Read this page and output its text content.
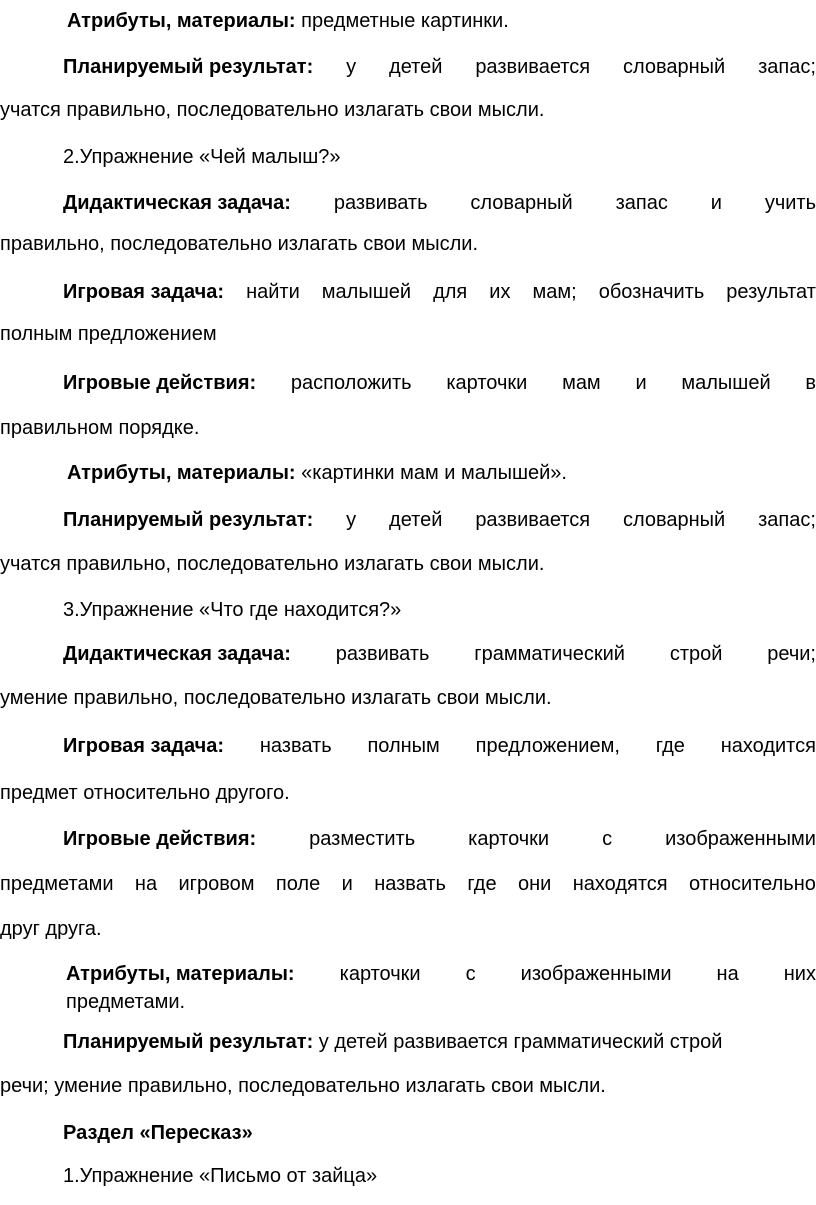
Атрибуты, материалы: предметные картинки.
Планируемый результат: у детей развивается словарный запас;
учатся правильно, последовательно излагать свои мысли.
2.Упражнение «Чей малыш?»
Дидактическая задача: развивать словарный запас и учить
правильно, последовательно излагать свои мысли.
Игровая задача: найти малышей для их мам; обозначить результат
полным предложением
Игровые действия: расположить карточки мам и малышей в
правильном порядке.
Атрибуты, материалы: «картинки мам и малышей».
Планируемый результат: у детей развивается словарный запас;
учатся правильно, последовательно излагать свои мысли.
3.Упражнение «Что где находится?»
Дидактическая задача: развивать грамматический строй речи;
умение правильно, последовательно излагать свои мысли.
Игровая задача: назвать полным предложением, где находится
предмет относительно другого.
Игровые действия:	разместить	карточки	с	изображенными
предметами на игровом поле и назвать где они находятся относительно
друг друга.
Атрибуты, материалы: карточки с изображенными на них
предметами.
Планируемый результат: у детей развивается грамматический строй
речи; умение правильно, последовательно излагать свои мысли.
Раздел «Пересказ»
1.Упражнение «Письмо от зайца»
